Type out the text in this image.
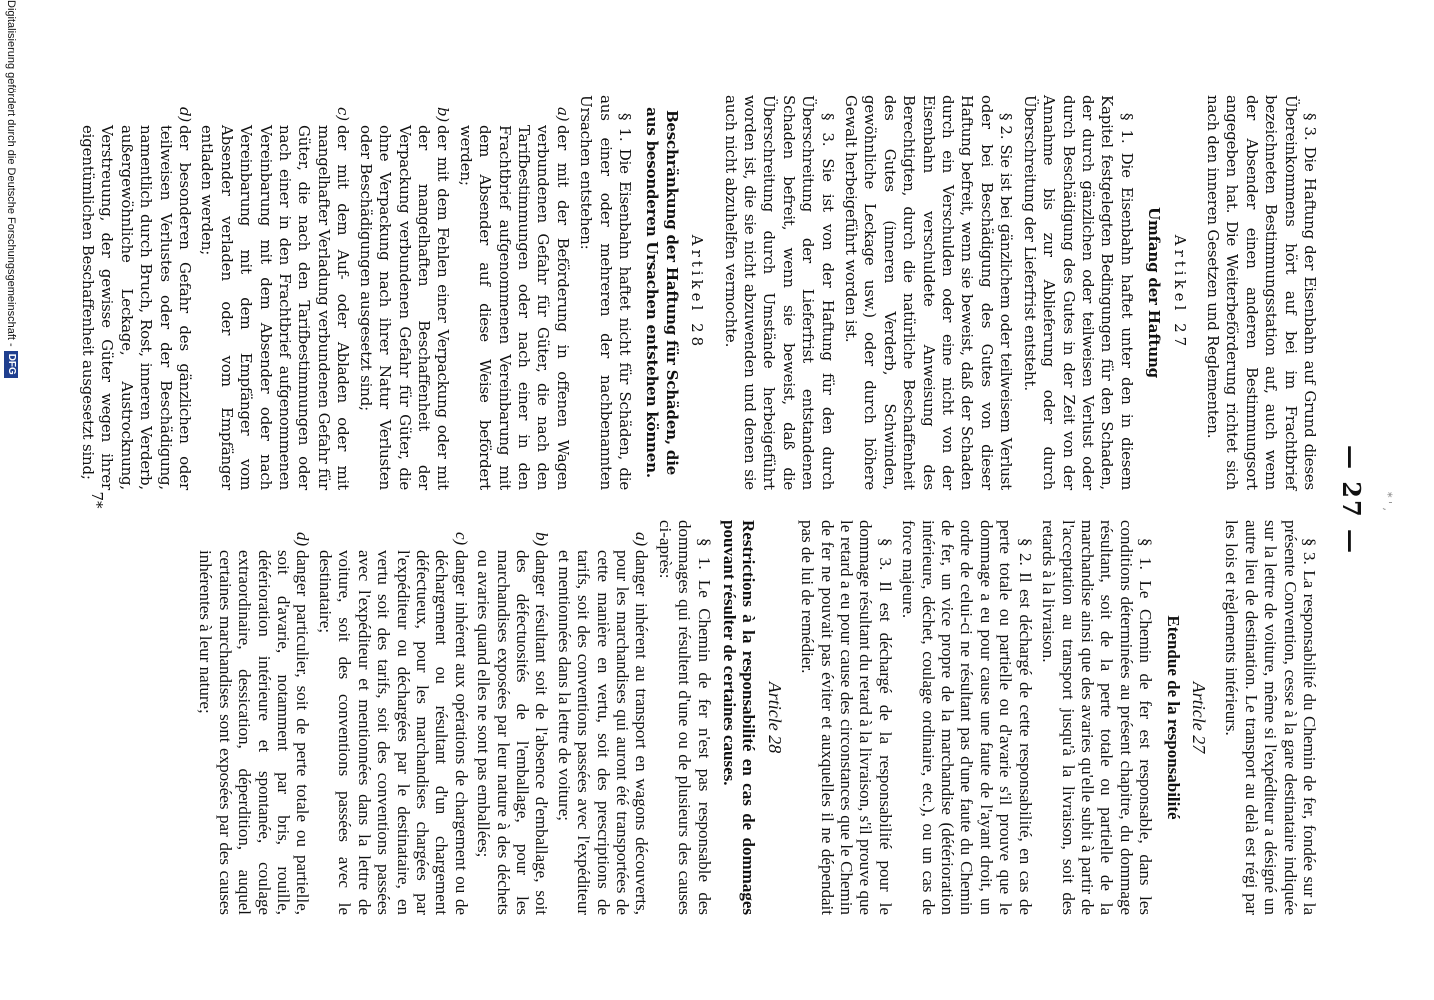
* ' ,
— 27 —

§ 3. Die Haftung der Eisenbahn auf Grund dieses Übereinkommens hört auf bei im Frachtbrief bezeichneten Bestimmungsstation auf, auch wenn der Absender einen anderen Bestimmungsort angegeben hat. Die Weiterbeförderung richtet sich nach den inneren Gesetzen und Reglementen.

Artikel 27
Umfang der Haftung

§ 1. Die Eisenbahn haftet unter den in diesem Kapitel festgelegten Bedingungen für den Schaden, der durch gänzlichen oder teilweisen Verlust oder durch Beschädigung des Gutes in der Zeit von der Annahme bis zur Ablieferung oder durch Überschreitung der Lieferfrist entsteht.

§ 2. Sie ist bei gänzlichem oder teilweisem Verlust oder bei Beschädigung des Gutes von dieser Haftung befreit, wenn sie beweist, daß der Schaden durch ein Verschulden oder eine nicht von der Eisenbahn verschuldete Anweisung des Berechtigten, durch die natürliche Beschaffenheit des Gutes (inneren Verderb, Schwinden, gewöhnliche Leckage usw.) oder durch höhere Gewalt herbeigeführt worden ist.

§ 3. Sie ist von der Haftung für den durch Überschreitung der Lieferfrist entstandenen Schaden befreit, wenn sie beweist, daß die Überschreitung durch Umstände herbeigeführt worden ist, die sie nicht abzuwenden und denen sie auch nicht abzuhelfen vermochte.

Artikel 28
Beschränkung der Haftung für Schäden, die aus besonderen Ursachen entstehen können.

§ 1. Die Eisenbahn haftet nicht für Schäden, die aus einer oder mehreren der nachbenannten Ursachen entstehen:

a)der mit der Beförderung in offenen Wagen verbundenen Gefahr für Güter, die nach den Tarifbestimmungen oder nach einer in den Frachtbrief aufgenommenen Vereinbarung mit dem Absender auf diese Weise befördert werden;
b)der mit dem Fehlen einer Verpackung oder mit der mangelhaften Beschaffenheit der Verpackung verbundenen Gefahr für Güter, die ohne Verpackung nach ihrer Natur Verlusten oder Beschädigungen ausgesetzt sind;
c)der mit dem Auf- oder Abladen oder mit mangelhafter Verladung verbundenen Gefahr für Güter, die nach den Tarifbestimmungen oder nach einer in den Frachtbrief aufgenommenen Vereinbarung mit dem Absender oder nach Vereinbarung mit dem Empfänger vom Absender verladen oder vom Empfänger entladen werden;
d)der besonderen Gefahr des gänzlichen oder teilweisen Verlustes oder der Beschädigung, namentlich durch Bruch, Rost, inneren Verderb, außergewöhnliche Leckage, Austrocknung, Verstreuung, der gewisse Güter wegen ihrer eigentümlichen Beschaffenheit ausgesetzt sind;

§ 3. La responsabilité du Chemin de fer, fondée sur la présente Convention, cesse à la gare destinataire indiquée sur la lettre de voiture, même si l'expéditeur a désigné un autre lieu de destination. Le transport au delà est régi par les lois et règlements intérieurs.

Article 27
Etendue de la responsabilité

§ 1. Le Chemin de fer est responsable, dans les conditions déterminées au présent chapitre, du dommage résultant, soit de la perte totale ou partielle de la marchandise ainsi que des avaries qu'elle subit à partir de l'acceptation au transport jusqu'à la livraison, soit des retards à la livraison.

§ 2. Il est déchargé de cette responsabilité, en cas de perte totale ou partielle ou d'avarie s'il prouve que le dommage a eu pour cause une faute de l'ayant droit, un ordre de celui-ci ne résultant pas d'une faute du Chemin de fer, un vice propre de la marchandise (détérioration intérieure, déchet, coulage ordinaire, etc.), ou un cas de force majeure.

§ 3. Il est déchargé de la responsabilité pour le dommage résultant du retard à la livraison, s'il prouve que le retard a eu pour cause des circonstances que le Chemin de fer ne pouvait pas éviter et auxquelles il ne dépendait pas de lui de remédier.

Article 28

Restrictions à la responsabilité en cas de dommages pouvant résulter de certaines causes.

§ 1. Le Chemin de fer n'est pas responsable des dommages qui résultent d'une ou de plusieurs des causes ci-après:

a)danger inhérent au transport en wagons découverts, pour les marchandises qui auront été transportées de cette manière en vertu, soit des prescriptions de tarifs, soit des conventions passées avec l'expéditeur et mentionnées dans la lettre de voiture;
b)danger résultant soit de l'absence d'emballage, soit des défectuosités de l'emballage, pour les marchandises exposées par leur nature à des déchets ou avaries quand elles ne sont pas emballées;
c)danger inhérent aux opérations de chargement ou de déchargement ou résultant d'un chargement défectueux, pour les marchandises chargées par l'expéditeur ou déchargées par le destinataire, en vertu soit des tarifs, soit des conventions passées avec l'expéditeur et mentionnées dans la lettre de voiture, soit des conventions passées avec le destinataire;
d)danger particulier, soit de perte totale ou partielle, soit d'avarie, notamment par bris, rouille, détérioration intérieure et spontanée, coulage extraordinaire, dessication, déperdition, auquel certaines marchandises sont exposées par des causes inhérentes à leur nature;
7*
Digitalisierung gefördert durch die Deutsche Forschungsgemeinschaft -DFG
